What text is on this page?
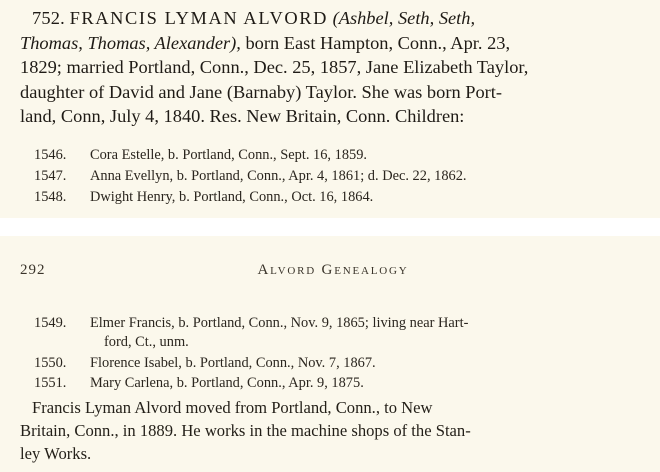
752. FRANCIS LYMAN ALVORD (Ashbel, Seth, Seth,
Thomas, Thomas, Alexander), born East Hampton, Conn., Apr. 23,
1829; married Portland, Conn., Dec. 25, 1857, Jane Elizabeth Taylor,
daughter of David and Jane (Barnaby) Taylor. She was born Port-
land, Conn, July 4, 1840. Res. New Britain, Conn. Children:
1546. Cora Estelle, b. Portland, Conn., Sept. 16, 1859.
1547. Anna Evellyn, b. Portland, Conn., Apr. 4, 1861; d. Dec. 22, 1862.
1548. Dwight Henry, b. Portland, Conn., Oct. 16, 1864.
292	Alvord Genealogy
1549. Elmer Francis, b. Portland, Conn., Nov. 9, 1865; living near Hart-
ford, Ct., unm.
1550. Florence Isabel, b. Portland, Conn., Nov. 7, 1867.
1551. Mary Carlena, b. Portland, Conn., Apr. 9, 1875.
Francis Lyman Alvord moved from Portland, Conn., to New
Britain, Conn., in 1889. He works in the machine shops of the Stan-
ley Works.
